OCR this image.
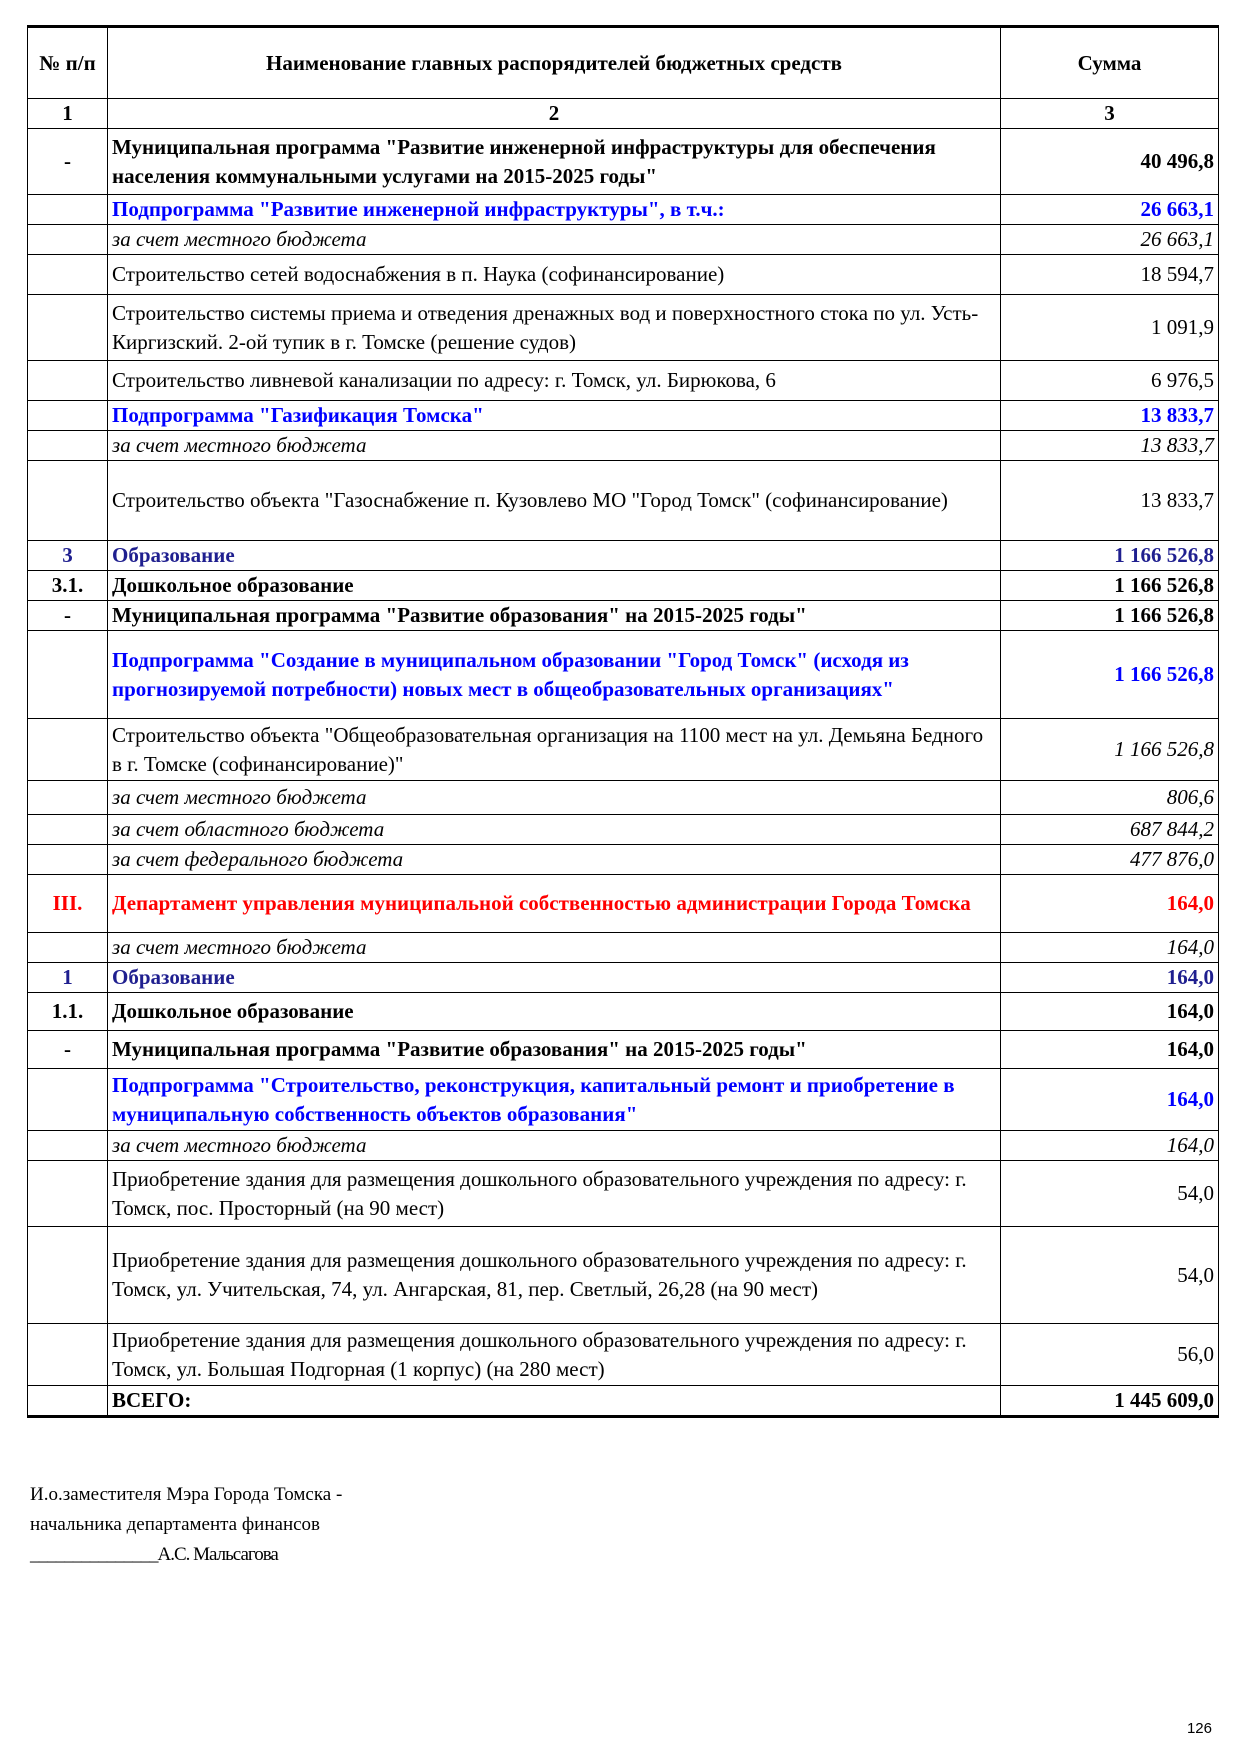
№ п/п	Наименование главных распорядителей бюджетных средств	Сумма
1	2	3
-	Муниципальная программа "Развитие инженерной инфраструктуры для обеспечения населения коммунальными услугами на 2015-2025 годы"	40 496,8
	Подпрограмма "Развитие инженерной инфраструктуры", в т.ч.:	26 663,1
	за счет местного бюджета	26 663,1
	Строительство сетей водоснабжения в п. Наука (софинансирование)	18 594,7
	Строительство системы приема и отведения дренажных вод и поверхностного стока по ул. Усть-Киргизский. 2-ой тупик в г. Томске (решение судов)	1 091,9
	Строительство ливневой канализации по адресу: г. Томск, ул. Бирюкова, 6	6 976,5
	Подпрограмма "Газификация Томска"	13 833,7
	за счет местного бюджета	13 833,7
	Строительство объекта "Газоснабжение п. Кузовлево МО "Город Томск" (софинансирование)	13 833,7
3	Образование	1 166 526,8
3.1.	Дошкольное образование	1 166 526,8
-	Муниципальная программа "Развитие образования" на 2015-2025 годы"	1 166 526,8
	Подпрограмма "Создание в муниципальном образовании "Город Томск" (исходя из прогнозируемой потребности) новых мест в общеобразовательных организациях"	1 166 526,8
	Строительство объекта "Общеобразовательная организация на 1100 мест на ул. Демьяна Бедного в г. Томске (софинансирование)"	1 166 526,8
	за счет местного бюджета	806,6
	за счет областного бюджета	687 844,2
	за счет федерального бюджета	477 876,0
III.	Департамент управления муниципальной собственностью администрации Города Томска	164,0
	за счет местного бюджета	164,0
1	Образование	164,0
1.1.	Дошкольное образование	164,0
-	Муниципальная программа "Развитие образования" на 2015-2025 годы"	164,0
	Подпрограмма "Строительство, реконструкция, капитальный ремонт и приобретение в муниципальную собственность объектов образования"	164,0
	за счет местного бюджета	164,0
	Приобретение здания для размещения дошкольного образовательного учреждения по адресу: г. Томск, пос. Просторный (на 90 мест)	54,0
	Приобретение здания для размещения дошкольного образовательного учреждения по адресу: г. Томск, ул. Учительская, 74, ул. Ангарская, 81, пер. Светлый, 26,28 (на 90 мест)	54,0
	Приобретение здания для размещения дошкольного образовательного учреждения по адресу: г. Томск, ул. Большая Подгорная (1 корпус) (на 280 мест)	56,0
	ВСЕГО:	1 445 609,0
И.о.заместителя Мэра Города Томска -
начальника департамента финансов
_______________А.С. Мальсагова
126
